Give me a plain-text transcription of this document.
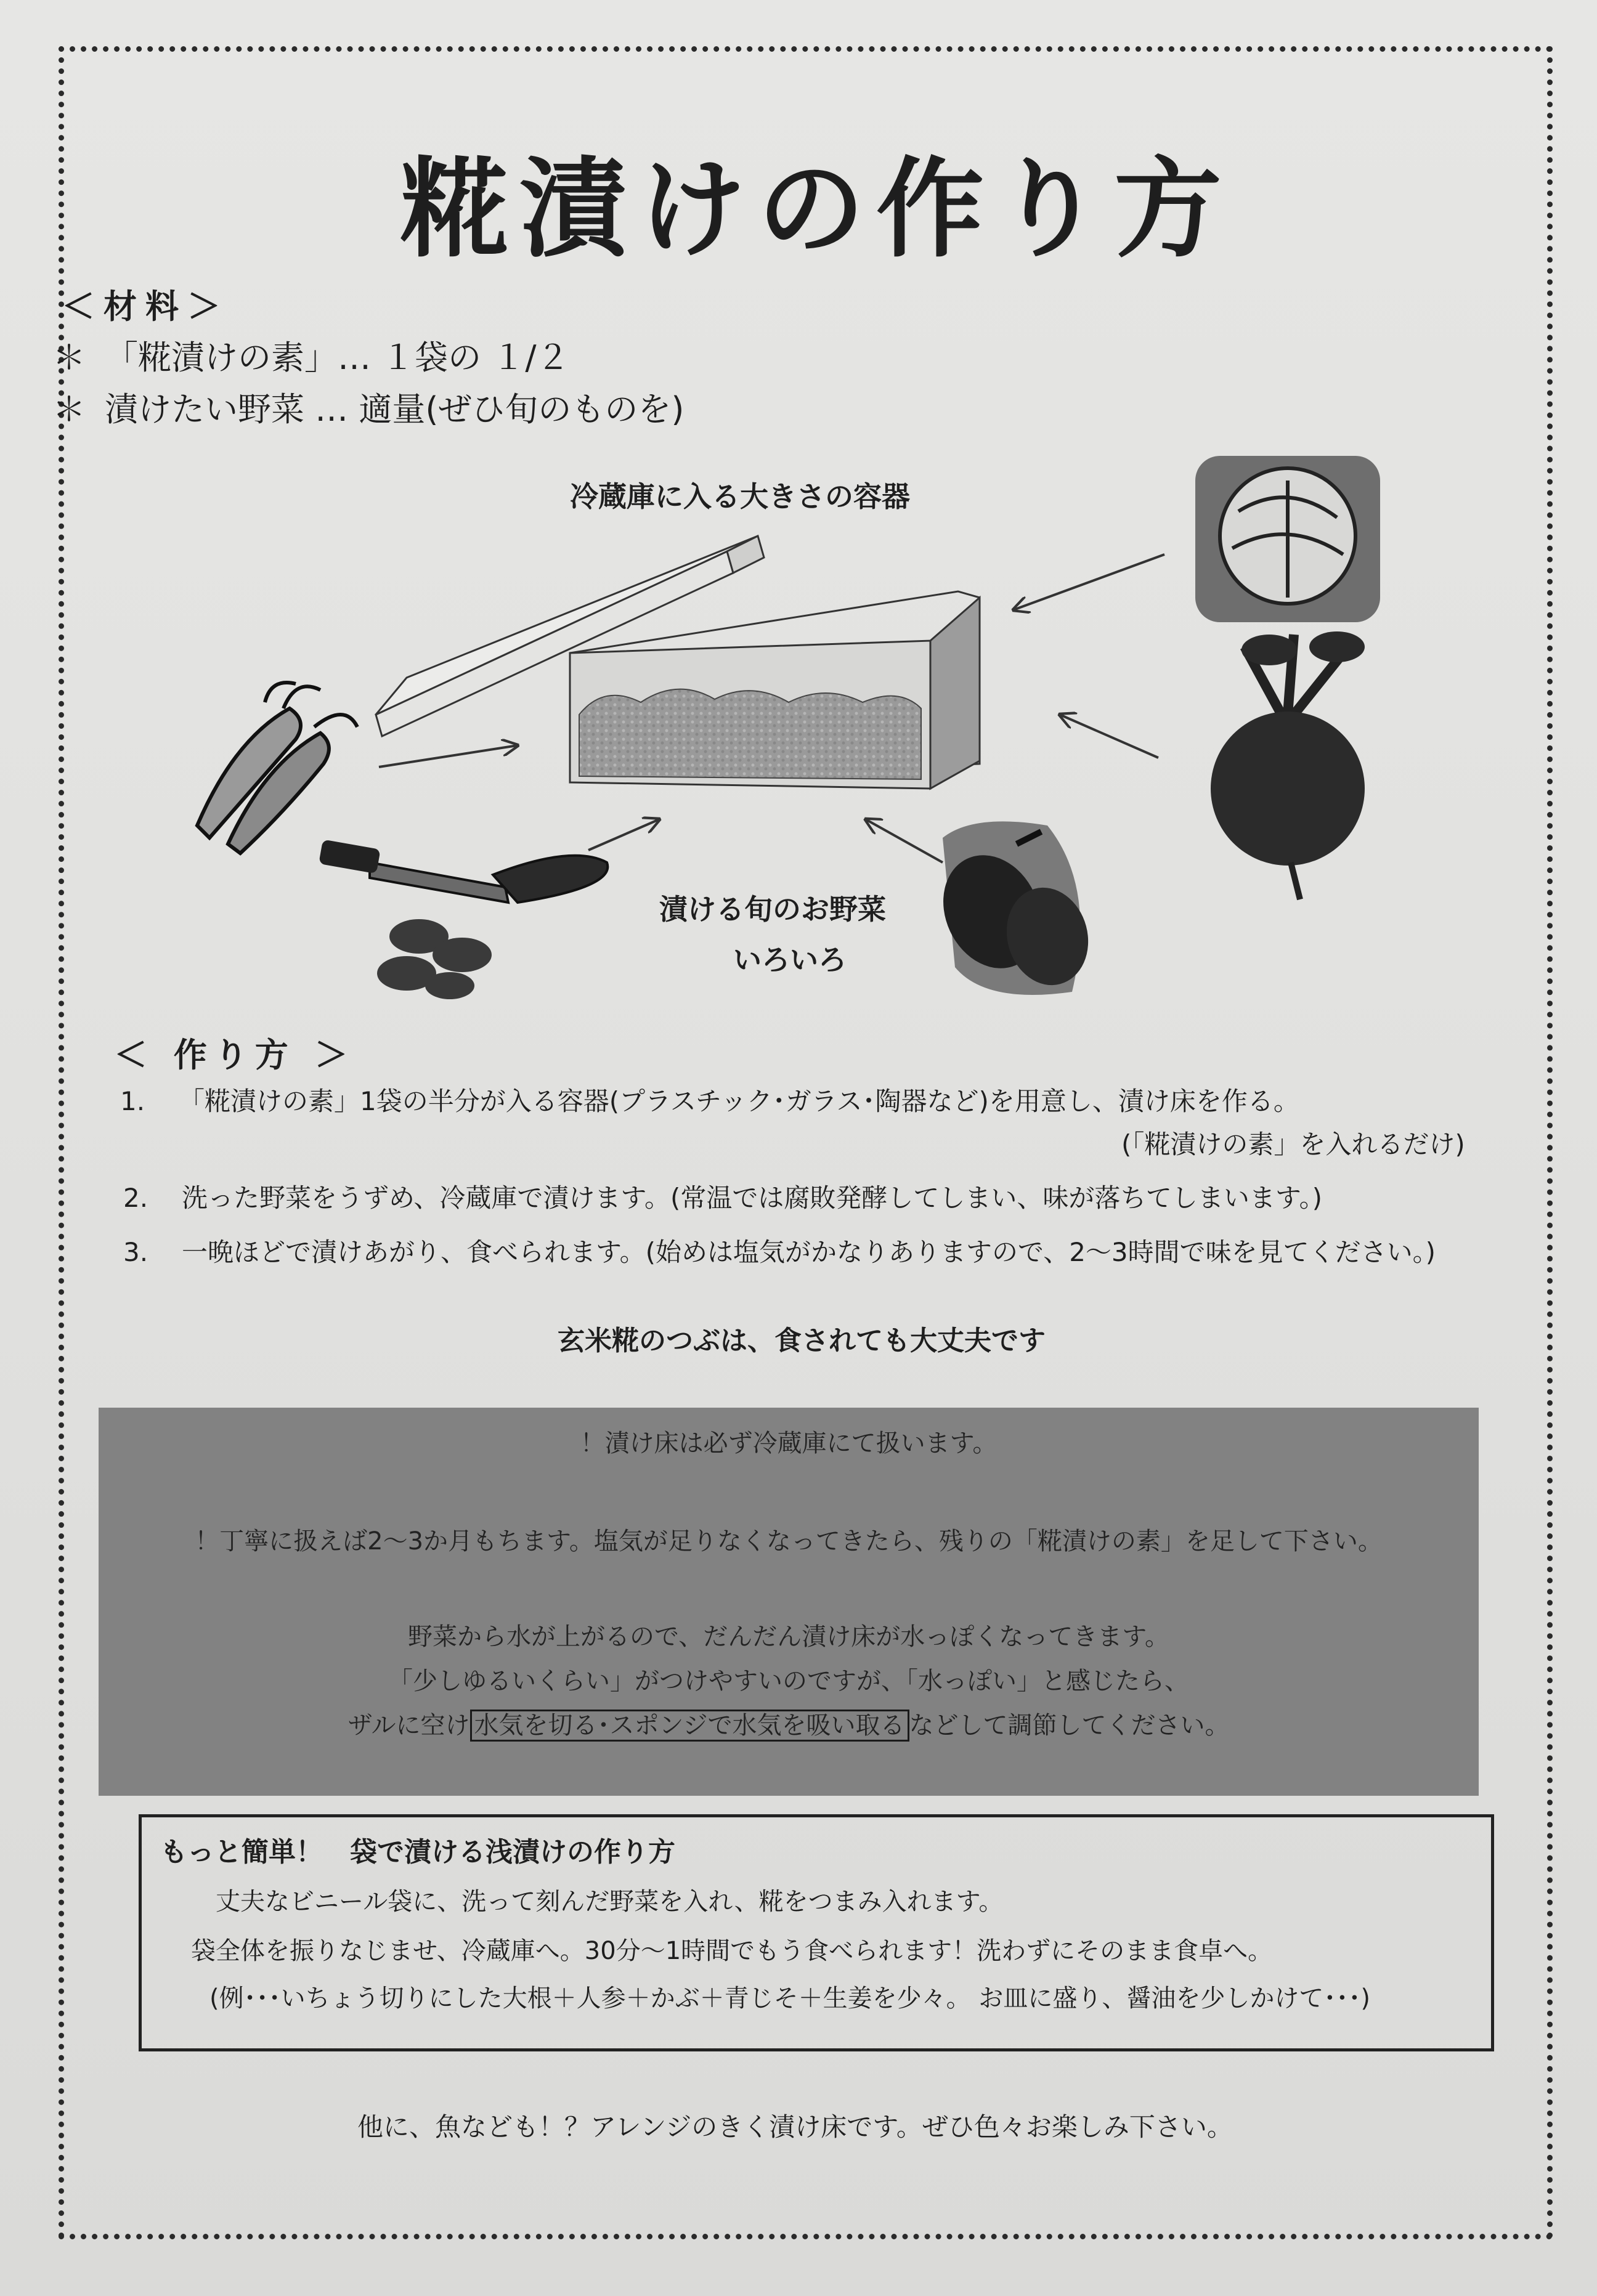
糀漬けの作り方
＜材料＞
＊ 「糀漬けの素」… １袋の １/２
＊ 漬けたい野菜 … 適量(ぜひ旬のものを)
冷蔵庫に入る大きさの容器
漬ける旬のお野菜
いろいろ
＜ 作り方 ＞
1. 「糀漬けの素」1袋の半分が入る容器(プラスチック･ガラス･陶器など)を用意し、漬け床を作る。
(「糀漬けの素」を入れるだけ)
2. 洗った野菜をうずめ、冷蔵庫で漬けます。(常温では腐敗発酵してしまい、味が落ちてしまいます。)
3. 一晩ほどで漬けあがり、食べられます。(始めは塩気がかなりありますので、2〜3時間で味を見てください。)
玄米糀のつぶは、食されても大丈夫です
！漬け床は必ず冷蔵庫にて扱います。
！丁寧に扱えば2〜3か月もちます。塩気が足りなくなってきたら、残りの「糀漬けの素」を足して下さい。
野菜から水が上がるので、だんだん漬け床が水っぽくなってきます。
「少しゆるいくらい」がつけやすいのですが、「水っぽい」と感じたら、
ザルに空け 水気を切る･スポンジで水気を吸い取る などして調節してください。
もっと簡単！　袋で漬ける浅漬けの作り方
丈夫なビニール袋に、洗って刻んだ野菜を入れ、糀をつまみ入れます。
袋全体を振りなじませ、冷蔵庫へ。30分〜1時間でもう食べられます！洗わずにそのまま食卓へ。
(例･･･いちょう切りにした大根＋人参＋かぶ＋青じそ＋生姜を少々。 お皿に盛り、醤油を少しかけて･･･)
他に、魚なども！？アレンジのきく漬け床です。ぜひ色々お楽しみ下さい。
